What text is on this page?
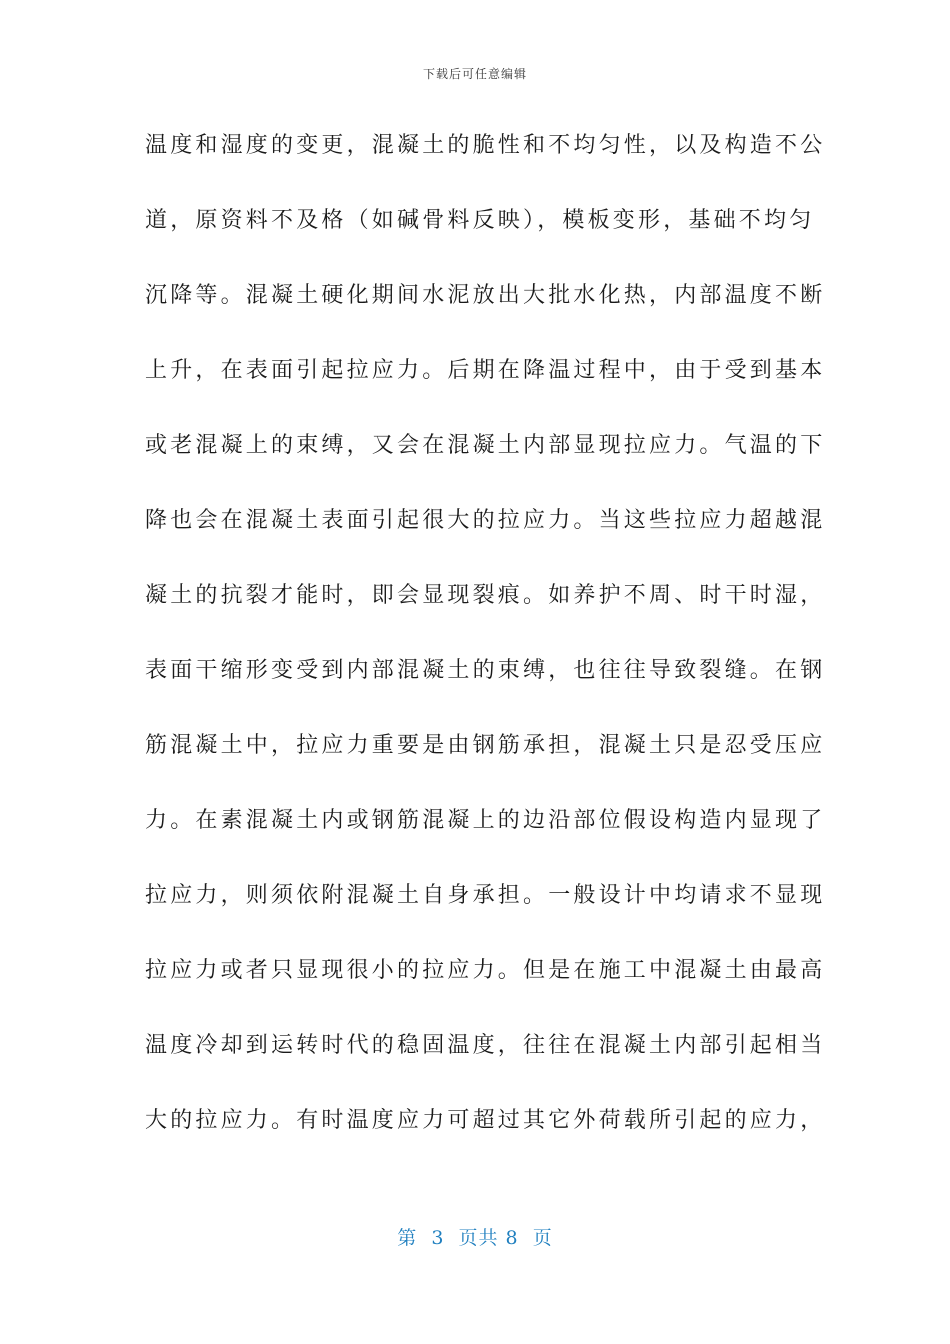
下载后可任意编辑
温度和湿度的变更，混凝土的脆性和不均匀性，以及构造不公
道，原资料不及格（如碱骨料反映），模板变形，基础不均匀
沉降等。混凝土硬化期间水泥放出大批水化热，内部温度不断
上升，在表面引起拉应力。后期在降温过程中，由于受到基本
或老混凝上的束缚，又会在混凝土内部显现拉应力。气温的下
降也会在混凝土表面引起很大的拉应力。当这些拉应力超越混
凝土的抗裂才能时，即会显现裂痕。如养护不周、时干时湿，
表面干缩形变受到内部混凝土的束缚，也往往导致裂缝。在钢
筋混凝土中，拉应力重要是由钢筋承担，混凝土只是忍受压应
力。在素混凝土内或钢筋混凝上的边沿部位假设构造内显现了
拉应力，则须依附混凝土自身承担。一般设计中均请求不显现
拉应力或者只显现很小的拉应力。但是在施工中混凝土由最高
温度冷却到运转时代的稳固温度，往往在混凝土内部引起相当
大的拉应力。有时温度应力可超过其它外荷载所引起的应力，
第  3  页共 8  页
